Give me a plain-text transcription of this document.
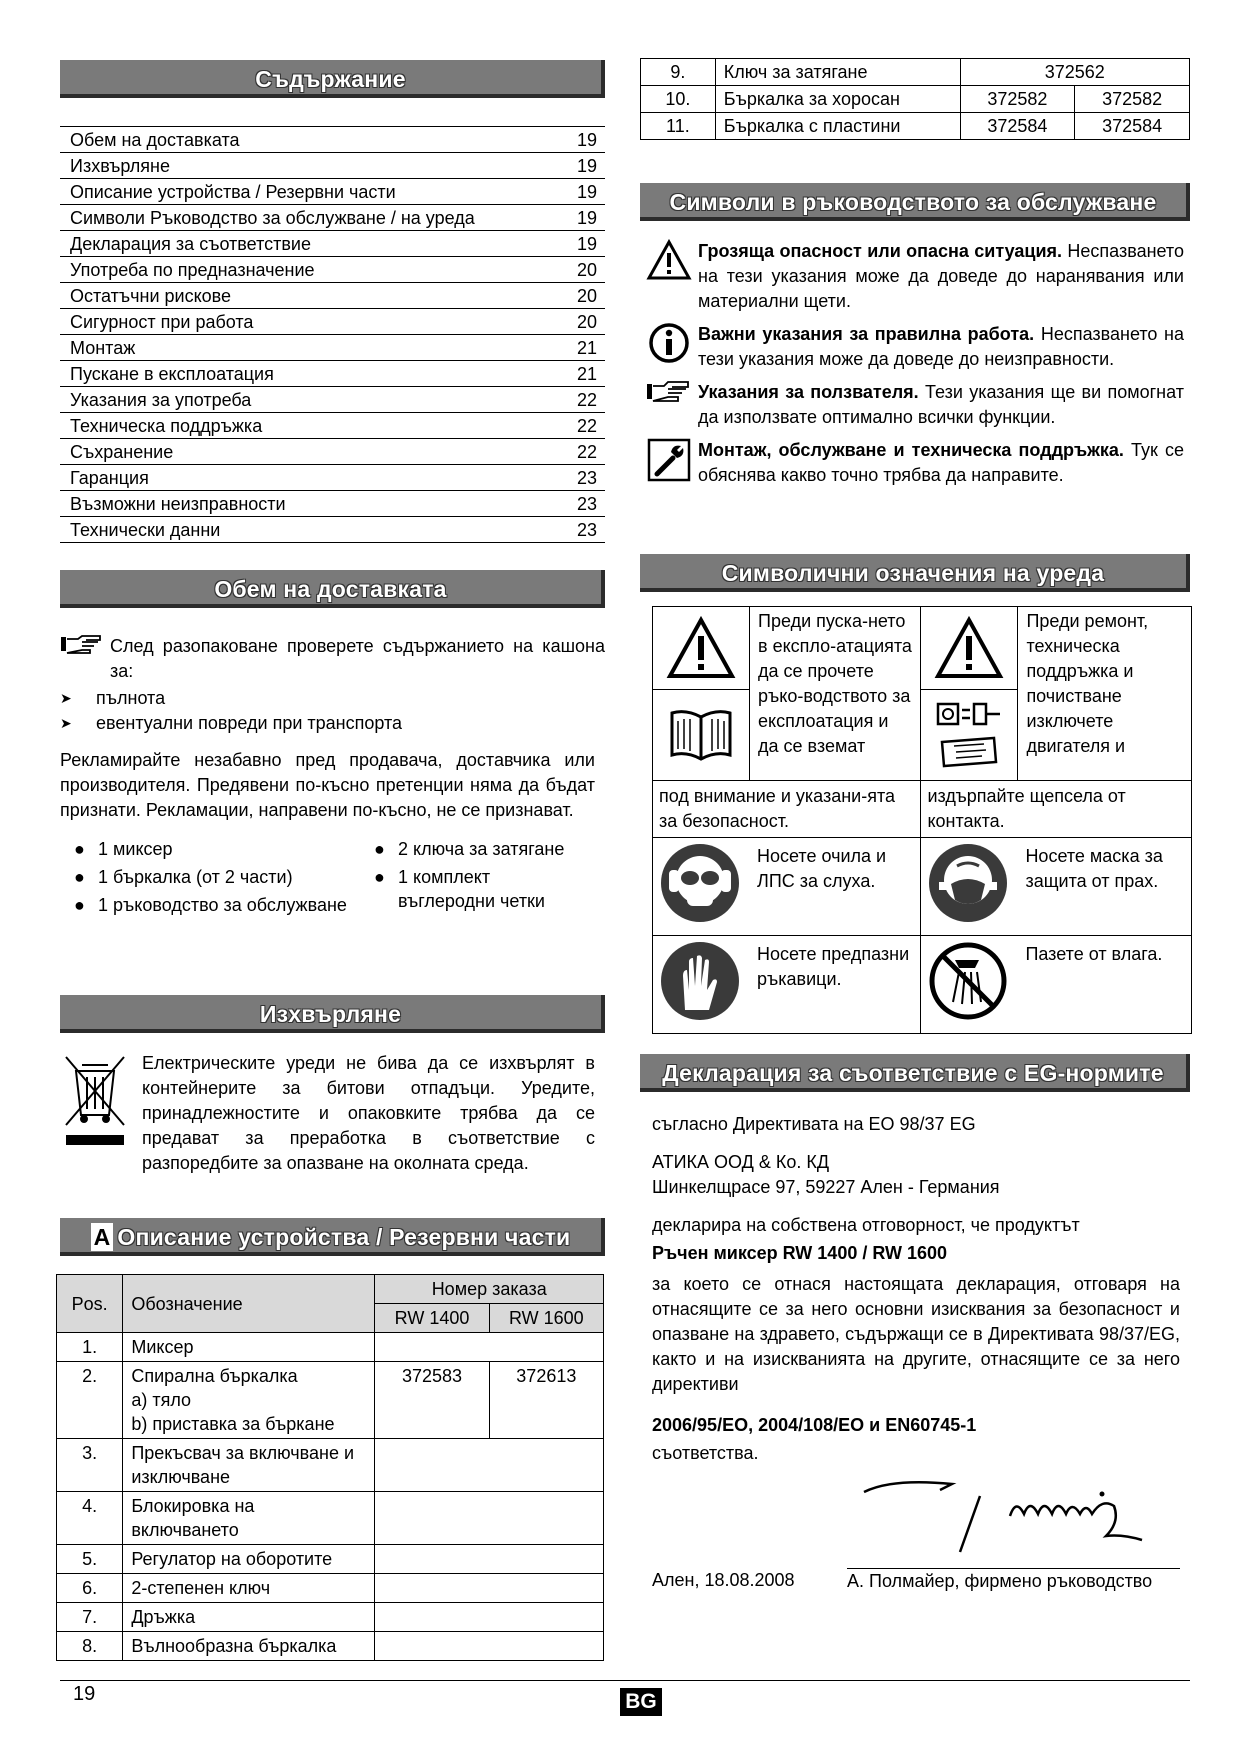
Съдържание
Обем на доставката	19
Изхвърляне	19
Описание устройства / Резервни части	19
Символи Ръководство за обслужване / на уреда	19
Декларация за съответствие	19
Употреба по предназначение	20
Остатъчни рискове	20
Сигурност при работа	20
Монтаж	21
Пускане в експлоатация	21
Указания за употреба	22
Техническа поддръжка	22
Съхранение	22
Гаранция	23
Възможни неизправности	23
Технически данни	23
Обем на доставката

След разопаковане проверете съдържанието на кашона за:

➤	пълнота
➤	евентуални повреди при транспорта

Рекламирайте незабавно пред продавача, доставчика или производителя. Предявени по-късно претенции няма да бъдат признати. Рекламации, направени по-късно, не се признават.

● 1 миксер
● 1 бъркалка (от 2 части)
● 1 ръководство за обслужване
● 2 ключа за затягане
● 1 комплект въглеродни четки
Изхвърляне

Електрическите уреди не бива да се изхвърлят в контейнерите за битови отпадъци. Уредите, принадлежностите и опаковките трябва да се предават за преработка в съответствие с разпоредбите за опазване на околната среда.

A Описание устройства / Резервни части
Pos.	Обозначение	Номер заказа	
		RW 1400	RW 1600
1.	Миксер		

2.	Спирална бъркалка
a) тяло
b) приставка за бъркане	372583	372613
3.	Прекъсвач за включване и изключване		

4.	Блокировка на включването		

5.	Регулатор на оборотите		

6.	2-степенен ключ		

7.	Дръжка		

8.	Вълнообразна бъркалка		

9.	Ключ за затягане	372562	
10.	Бъркалка за хоросан	372582	372582
11.	Бъркалка с пластини	372584	372584
Символи в ръководството за обслужване
Грозяща опасност или опасна ситуация. Неспазването на тези указания може да доведе до наранявания или материални щети.
Важни указания за правилна работа. Неспазването на тези указания може да доведе до неизправности.
Указания за ползвателя. Тези указания ще ви помогнат да използвате оптимално всички функции.
Монтаж, обслужване и техническа поддръжка. Тук се обяснява какво точно трябва да направите.
Символични означения на уреда
Преди пуска-нето в експло-атацията да се прочете ръко-водството за експлоатация и да се вземат	Преди ремонт, техническа поддръжка и почистване изключете двигателя и

под внимание и указани-ята за безопасност.	издърпайте щепсела от контакта.

Носете очила и ЛПС за слуха.	Носете маска за защита от прах.

Носете предпазни ръкавици.	Пазете от влага.
Декларация за съответствие с EG-нормите

съгласно Директивата на ЕО 98/37 EG

АТИКА ООД & Ко. КД

Шинкелщрасе 97, 59227 Ален - Германия

декларира на собствена отговорност, че продуктът

Ръчен миксер RW 1400 / RW 1600

за което се отнася настоящата декларация, отговаря на отнасящите се за него основни изисквания за безопасност и опазване на здравето, съдържащи се в Директивата 98/37/EG, както и на изискванията на другите, отнасящите се за него директиви

2006/95/EO, 2004/108/EO и EN60745-1

съответства.

Ален, 18.08.2008	А. Полмайер, фирмено ръководство
19	BG
